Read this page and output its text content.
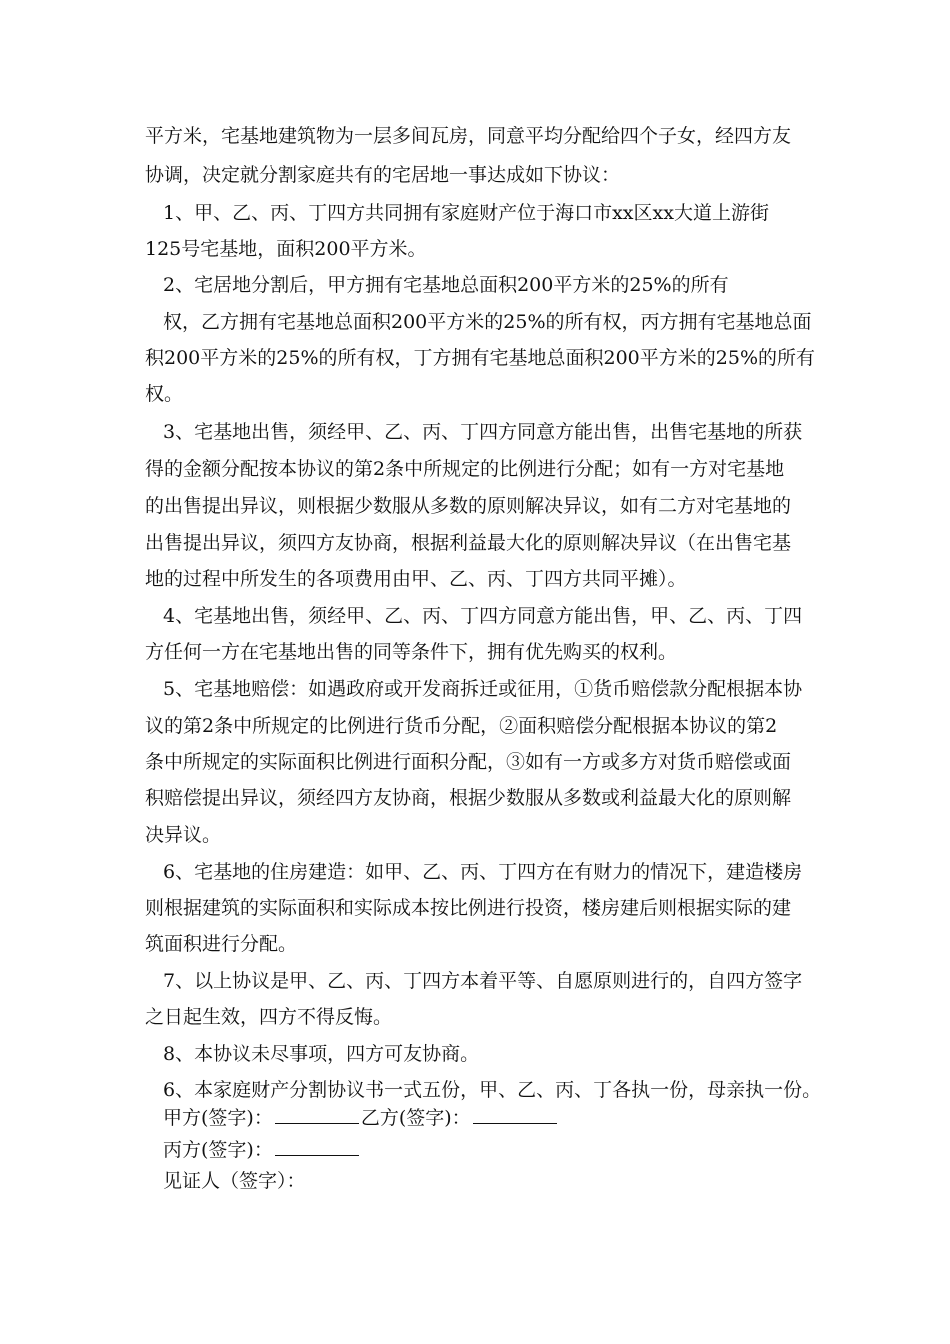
平方米，宅基地建筑物为一层多间瓦房，同意平均分配给四个子女，经四方友
协调，决定就分割家庭共有的宅居地一事达成如下协议：
1、甲、乙、丙、丁四方共同拥有家庭财产位于海口市xx区xx大道上游街
125号宅基地，面积200平方米。
2、宅居地分割后，甲方拥有宅基地总面积200平方米的25%的所有
权，乙方拥有宅基地总面积200平方米的25%的所有权，丙方拥有宅基地总面
积200平方米的25%的所有权，丁方拥有宅基地总面积200平方米的25%的所有
权。
3、宅基地出售，须经甲、乙、丙、丁四方同意方能出售，出售宅基地的所获
得的金额分配按本协议的第2条中所规定的比例进行分配；如有一方对宅基地
的出售提出异议，则根据少数服从多数的原则解决异议，如有二方对宅基地的
出售提出异议，须四方友协商，根据利益最大化的原则解决异议（在出售宅基
地的过程中所发生的各项费用由甲、乙、丙、丁四方共同平摊）。
4、宅基地出售，须经甲、乙、丙、丁四方同意方能出售，甲、乙、丙、丁四
方任何一方在宅基地出售的同等条件下，拥有优先购买的权利。
5、宅基地赔偿：如遇政府或开发商拆迁或征用，①货币赔偿款分配根据本协
议的第2条中所规定的比例进行货币分配，②面积赔偿分配根据本协议的第2
条中所规定的实际面积比例进行面积分配，③如有一方或多方对货币赔偿或面
积赔偿提出异议，须经四方友协商，根据少数服从多数或利益最大化的原则解
决异议。
6、宅基地的住房建造：如甲、乙、丙、丁四方在有财力的情况下，建造楼房
则根据建筑的实际面积和实际成本按比例进行投资，楼房建后则根据实际的建
筑面积进行分配。
7、以上协议是甲、乙、丙、丁四方本着平等、自愿原则进行的，自四方签字
之日起生效，四方不得反悔。
8、本协议未尽事项，四方可友协商。
6、本家庭财产分割协议书一式五份，甲、乙、丙、丁各执一份，母亲执一份。
甲方(签字)：	乙方(签字)：
丙方(签字)：
见证人（签字）：
